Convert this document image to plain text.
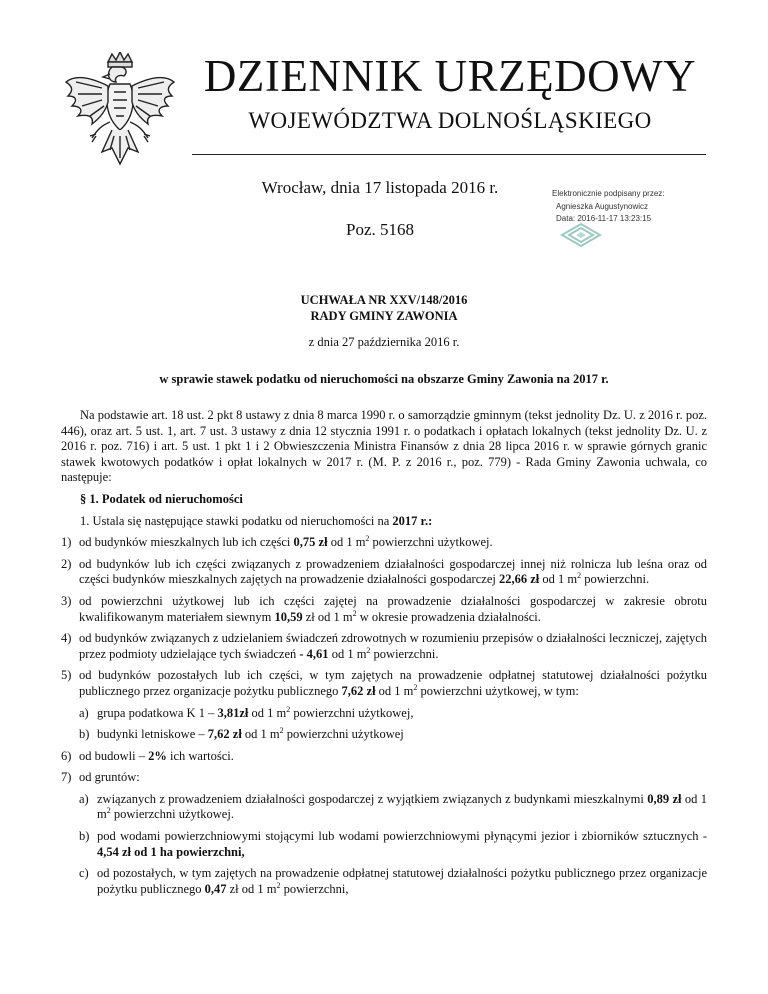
DZIENNIK URZĘDOWY
WOJEWÓDZTWA DOLNOŚLĄSKIEGO
Wrocław, dnia 17 listopada 2016 r.
Poz. 5168
Elektronicznie podpisany przez:
Agnieszka Augustynowicz
Data: 2016-11-17 13:23:15
UCHWAŁA NR XXV/148/2016
RADY GMINY ZAWONIA
z dnia 27 października 2016 r.
w sprawie stawek podatku od nieruchomości na obszarze Gminy Zawonia na 2017 r.

Na podstawie art. 18 ust. 2 pkt 8 ustawy z dnia 8 marca 1990 r. o samorządzie gminnym (tekst jednolity Dz. U. z 2016 r. poz. 446), oraz art. 5 ust. 1, art. 7 ust. 3 ustawy z dnia 12 stycznia 1991 r. o podatkach i opłatach lokalnych (tekst jednolity Dz. U. z 2016 r. poz. 716) i art. 5 ust. 1 pkt 1 i 2 Obwieszczenia Ministra Finansów z dnia 28 lipca 2016 r. w sprawie górnych granic stawek kwotowych podatków i opłat lokalnych w 2017 r. (M. P. z 2016 r., poz. 779) - Rada Gminy Zawonia uchwala, co następuje:

§ 1. Podatek od nieruchomości

1. Ustala się następujące stawki podatku od nieruchomości na 2017 r.:

1) od budynków mieszkalnych lub ich części 0,75 zł od 1 $m^2$ powierzchni użytkowej.
2) od budynków lub ich części związanych z prowadzeniem działalności gospodarczej innej niż rolnicza lub leśna oraz od części budynków mieszkalnych zajętych na prowadzenie działalności gospodarczej 22,66 zł od 1 $m^2$ powierzchni.
3) od powierzchni użytkowej lub ich części zajętej na prowadzenie działalności gospodarczej w zakresie obrotu kwalifikowanym materiałem siewnym 10,59 zł od 1 $m^2$ w okresie prowadzenia działalności.
4) od budynków związanych z udzielaniem świadczeń zdrowotnych w rozumieniu przepisów o działalności leczniczej, zajętych przez podmioty udzielające tych świadczeń - 4,61 od 1 $m^2$ powierzchni.
5) od budynków pozostałych lub ich części, w tym zajętych na prowadzenie odpłatnej statutowej działalności pożytku publicznego przez organizacje pożytku publicznego 7,62 zł od 1 $m^2$ powierzchni użytkowej, w tym:
a) grupa podatkowa K 1 – 3,81zł od 1 $m^2$ powierzchni użytkowej,
b) budynki letniskowe – 7,62 zł od 1 $m^2$ powierzchni użytkowej
6) od budowli – 2% ich wartości.
7) od gruntów:
a) związanych z prowadzeniem działalności gospodarczej z wyjątkiem związanych z budynkami mieszkalnymi 0,89 zł od 1 $m^2$ powierzchni użytkowej.
b) pod wodami powierzchniowymi stojącymi lub wodami powierzchniowymi płynącymi jezior i zbiorników sztucznych - 4,54 zł od 1 ha powierzchni,
c) od pozostałych, w tym zajętych na prowadzenie odpłatnej statutowej działalności pożytku publicznego przez organizacje pożytku publicznego 0,47 zł od 1 $m^2$ powierzchni,
